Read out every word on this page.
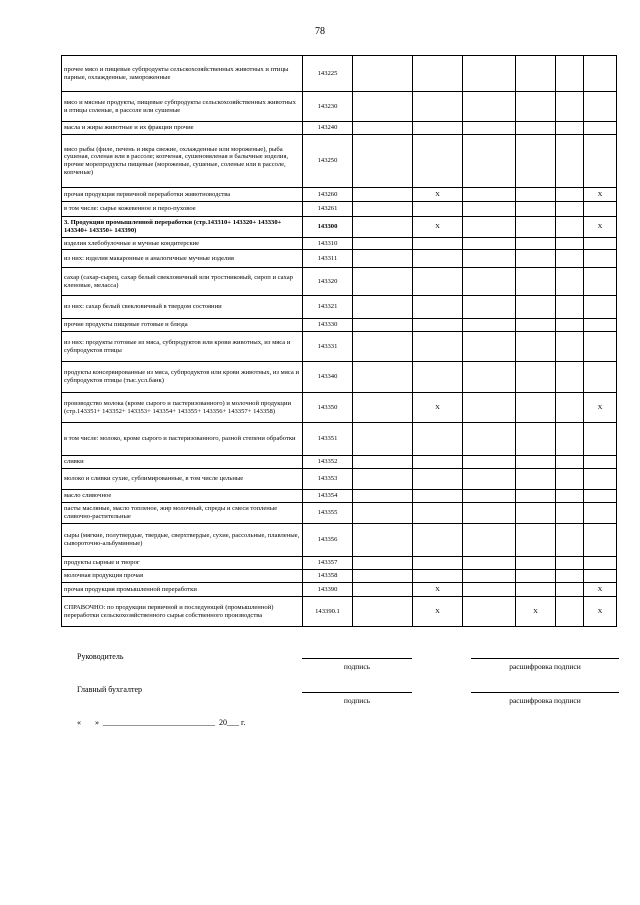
78
прочее мясо и пищевые субпродукты сельскохозяйственных животных и птицы парные, охлажденные, замороженные	143225						
мясо и мясные продукты, пищевые субпродукты сельскохозяйственных животных и птицы соленые, в рассоле или сушеные	143230						
масла и жиры животные и их фракции прочие	143240						
мясо рыбы (филе, печень и икра свежие, охлажденные или мороженые), рыба сушеная, соленая или в рассоле; копченая, сушеновяленая и балычные изделия, прочие морепродукты пищевые (мороженые, сушеные, соленые или в рассоле, копченые)	143250						
прочая продукция первичной переработки животноводства	143260		X				X
в том числе: сырье кожевенное и перо-пуховое	143261						
3. Продукция промышленной переработки (стр.143310+ 143320+ 143330+ 143340+ 143350+ 143390)	143300		X				X
изделия хлебобулочные и мучные кондитерские	143310						
из них: изделия макаронные и аналогичные мучные изделия	143311						
сахар (сахар-сырец, сахар белый свекловичный или тростниковый, сироп и сахар кленовые, меласса)	143320						
из них: сахар белый свекловичный в твердом состоянии	143321						
прочие продукты пищевые готовые и блюда	143330						
из них: продукты готовые из мяса, субпродуктов или крови животных, из мяса и субпродуктов птицы	143331						
продукты консервированные из мяса, субпродуктов или крови животных, из мяса и субпродуктов птицы (тыс.усл.банк)	143340						
производство молока (кроме сырого и пастеризованного) и молочной продукции (стр.143351+ 143352+ 143353+ 143354+ 143355+ 143356+ 143357+ 143358)	143350		X				X
в том числе: молоко, кроме сырого и пастеризованного, разной степени обработки	143351						
сливки	143352						
молоко и сливки сухие, сублимированные, в том числе цельные	143353						
масло сливочное	143354						
пасты масляные, масло топленое, жир молочный, спреды и смеси топленые сливочно-растительные	143355						
сыры (мягкие, полутвердые, твердые, сверхтвердые, сухие, рассольные, плавленые, сывороточно-альбуминные)	143356						
продукты сырные и творог	143357						
молочная продукция прочая	143358						
прочая продукция промышленной переработки	143390		X				X
СПРАВОЧНО: по продукции первичной и последующей (промышленной) переработки сельскохозяйственного сырья собственного производства	143390.1		X		X		X
Руководитель
подпись	расшифровка подписи
Главный бухгалтер
подпись	расшифровка подписи
«       »  ____________________________  20___ г.
